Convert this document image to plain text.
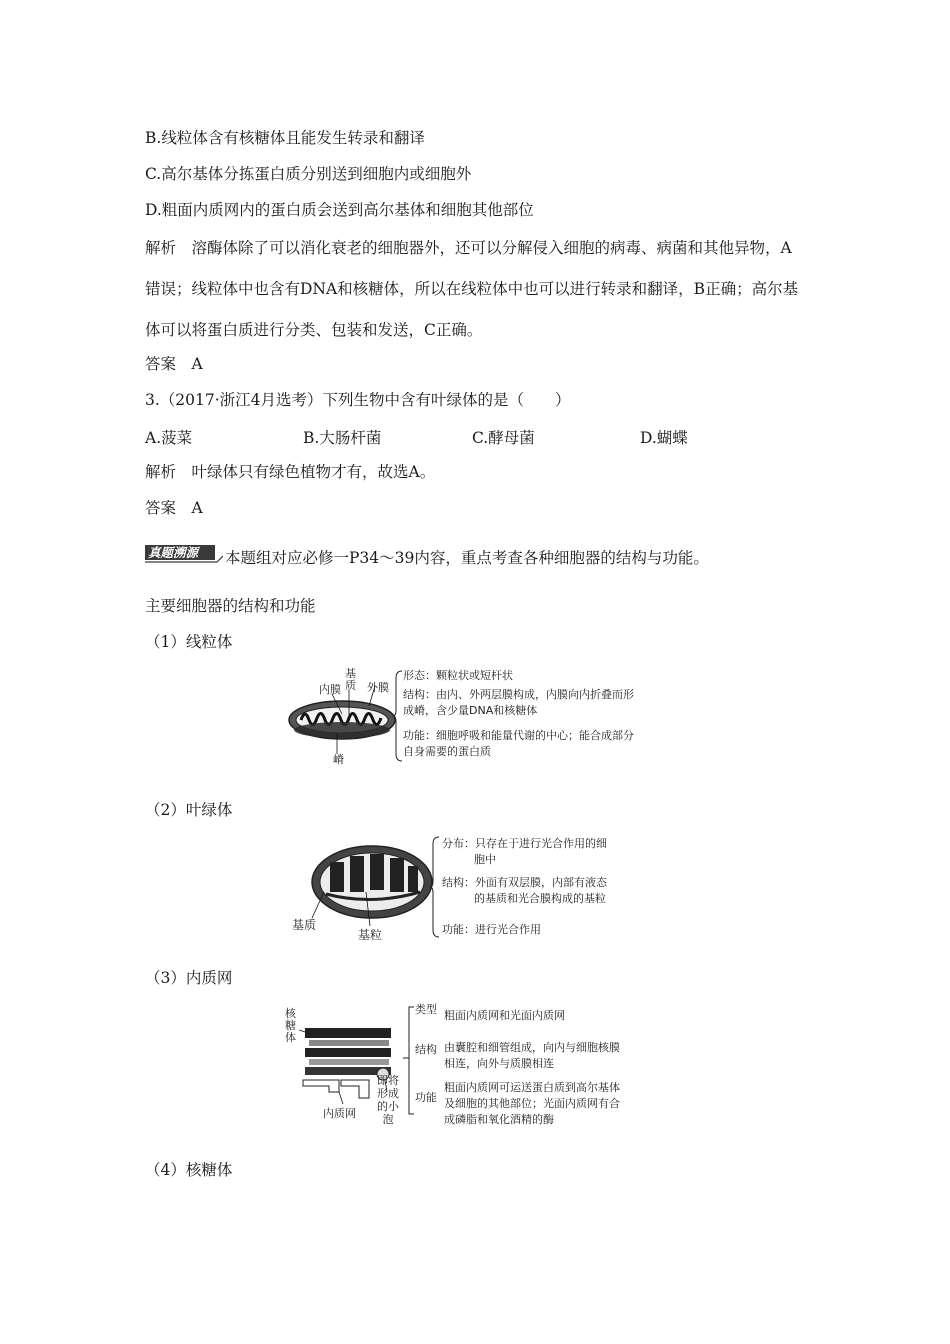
B.线粒体含有核糖体且能发生转录和翻译
C.高尔基体分拣蛋白质分别送到细胞内或细胞外
D.粗面内质网内的蛋白质会送到高尔基体和细胞其他部位
解析　溶酶体除了可以消化衰老的细胞器外，还可以分解侵入细胞的病毒、病菌和其他异物，A错误；线粒体中也含有DNA和核糖体，所以在线粒体中也可以进行转录和翻译，B正确；高尔基体可以将蛋白质进行分类、包装和发送，C正确。
答案　A
3.（2017·浙江4月选考）下列生物中含有叶绿体的是（　　）
A.菠菜	B.大肠杆菌	C.酵母菌	D.蝴蝶
解析　叶绿体只有绿色植物才有，故选A。
答案　A
真题溯源 本题组对应必修一P34～39内容，重点考查各种细胞器的结构与功能。
主要细胞器的结构和功能
（1）线粒体
基质
内膜 外膜
嵴
形态：颗粒状或短杆状
结构：由内、外两层膜构成，内膜向内折叠而形
成嵴，含少量DNA和核糖体
功能：细胞呼吸和能量代谢的中心；能合成部分
自身需要的蛋白质
（2）叶绿体
基质
基粒
分布：只存在于进行光合作用的细
胞中
结构：外面有双层膜，内部有液态
的基质和光合膜构成的基粒
功能：进行光合作用
（3）内质网
核糖体
内质网
即将形成的小泡
类型 粗面内质网和光面内质网
结构 由囊腔和细管组成，向内与细胞核膜
相连，向外与质膜相连
功能
粗面内质网可运送蛋白质到高尔基体
及细胞的其他部位；光面内质网有合
成磷脂和氧化酒精的酶
（4）核糖体
